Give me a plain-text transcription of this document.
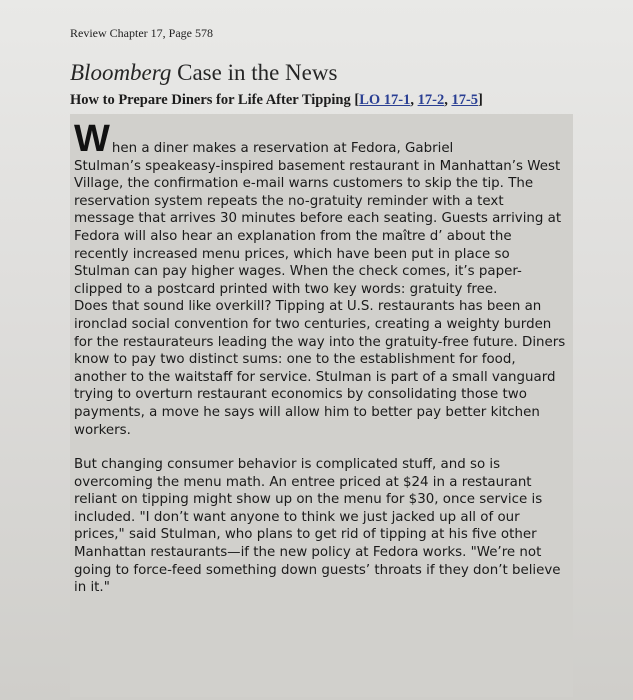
Review Chapter 17, Page 578
Bloomberg Case in the News
How to Prepare Diners for Life After Tipping [LO 17-1, 17-2, 17-5]

W hen a diner makes a reservation at Fedora, Gabriel
Stulman’s speakeasy-inspired basement restaurant in Manhattan’s West Village, the confirmation e-mail warns customers to skip the tip. The reservation system repeats the no-gratuity reminder with a text message that arrives 30 minutes before each seating. Guests arriving at Fedora will also hear an explanation from the maître d’ about the recently increased menu prices, which have been put in place so Stulman can pay higher wages. When the check comes, it’s paper-clipped to a postcard printed with two key words: gratuity free.

Does that sound like overkill? Tipping at U.S. restaurants has been an ironclad social convention for two centuries, creating a weighty burden for the restaurateurs leading the way into the gratuity-free future. Diners know to pay two distinct sums: one to the establishment for food, another to the waitstaff for service. Stulman is part of a small vanguard trying to overturn restaurant economics by consolidating those two payments, a move he says will allow him to better pay better kitchen workers.

But changing consumer behavior is complicated stuff, and so is overcoming the menu math. An entree priced at $24 in a restaurant reliant on tipping might show up on the menu for $30, once service is included. "I don’t want anyone to think we just jacked up all of our prices," said Stulman, who plans to get rid of tipping at his five other Manhattan restaurants—if the new policy at Fedora works. "We’re not going to force-feed something down guests’ throats if they don’t believe in it."
